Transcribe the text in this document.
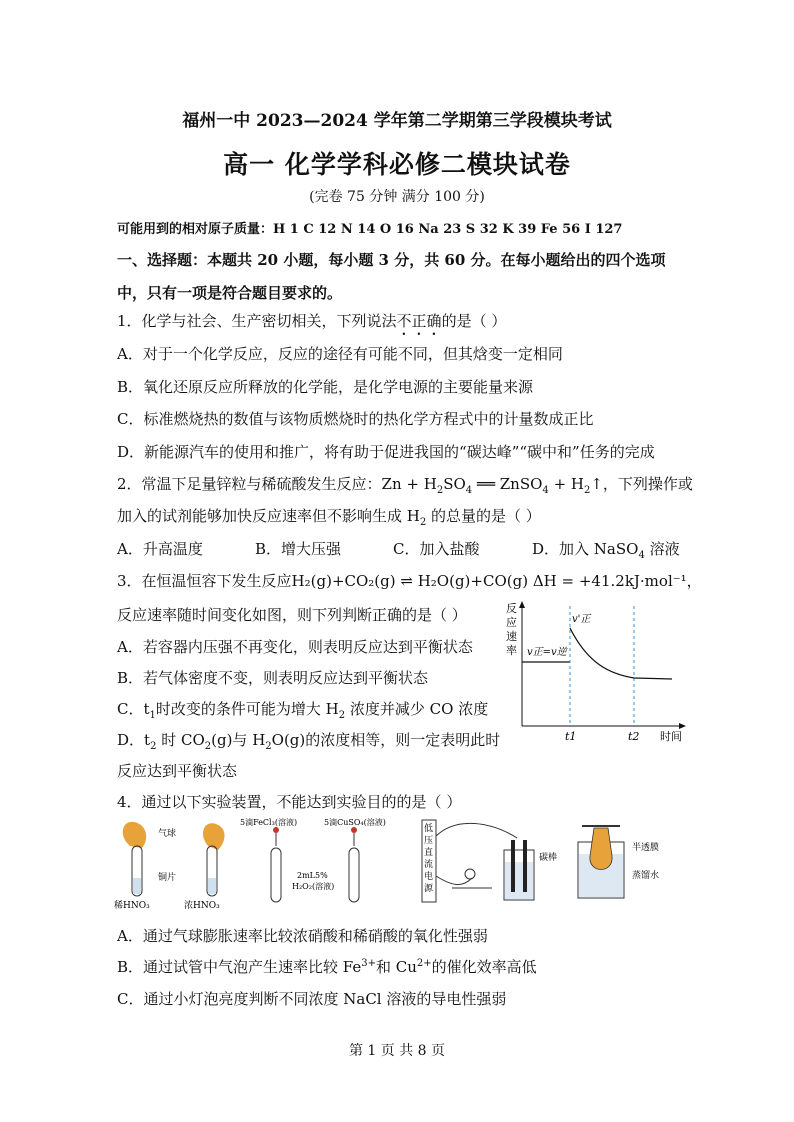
福州一中 2023—2024 学年第二学期第三学段模块考试
高一 化学学科必修二模块试卷
(完卷 75 分钟 满分 100 分)
可能用到的相对原子质量：H 1 C 12 N 14 O 16 Na 23 S 32 K 39 Fe 56 I 127
一、选择题：本题共 20 小题，每小题 3 分，共 60 分。在每小题给出的四个选项
中，只有一项是符合题目要求的。
1．化学与社会、生产密切相关，下列说法不正确的是（ ）
A．对于一个化学反应，反应的途径有可能不同，但其焓变一定相同
B．氧化还原反应所释放的化学能，是化学电源的主要能量来源
C．标准燃烧热的数值与该物质燃烧时的热化学方程式中的计量数成正比
D．新能源汽车的使用和推广，将有助于促进我国的“碳达峰”“碳中和”任务的完成
2．常温下足量锌粒与稀硫酸发生反应：$Zn + H_2SO_4$ ══ ZnSO$_4$ + $H_2↑$，下列操作或
加入的试剂能够加快反应速率但不影响生成 $H_2$ 的总量的是（ ）
A．升高温度	B．增大压强	C．加入盐酸	D．加入 NaSO$_4$ 溶液
3．在恒温恒容下发生反应H₂(g)+CO₂(g) ⇌ H₂O(g)+CO(g) ΔH = +41.2kJ·mol⁻¹，
反应速率随时间变化如图，则下列判断正确的是（ ）
A．若容器内压强不再变化，则表明反应达到平衡状态
B．若气体密度不变，则表明反应达到平衡状态
C．$t_1$时改变的条件可能为增大 $H_2$ 浓度并减少 CO 浓度
D．$t_2$ 时 $CO_2(g)$与 $H_2O(g)$的浓度相等，则一定表明此时
反应达到平衡状态
反
应
速
率 v正=v逆
v'正
t1	t2 时间
4．通过以下实验装置，不能达到实验目的的是（ ）
气球
铜片
稀HNO₃	浓HNO₃
5滴FeCl₃(溶液)	5滴CuSO₄(溶液)
2mL5%
H₂O₂(溶液)
低
压
直
流
电
源
碳棒
半透膜
蒸馏水
A．通过气球膨胀速率比较浓硝酸和稀硝酸的氧化性强弱
B．通过试管中气泡产生速率比较 $Fe^{3+}$和 $Cu^{2+}$的催化效率高低
C．通过小灯泡亮度判断不同浓度 NaCl 溶液的导电性强弱
第 1 页 共 8 页
